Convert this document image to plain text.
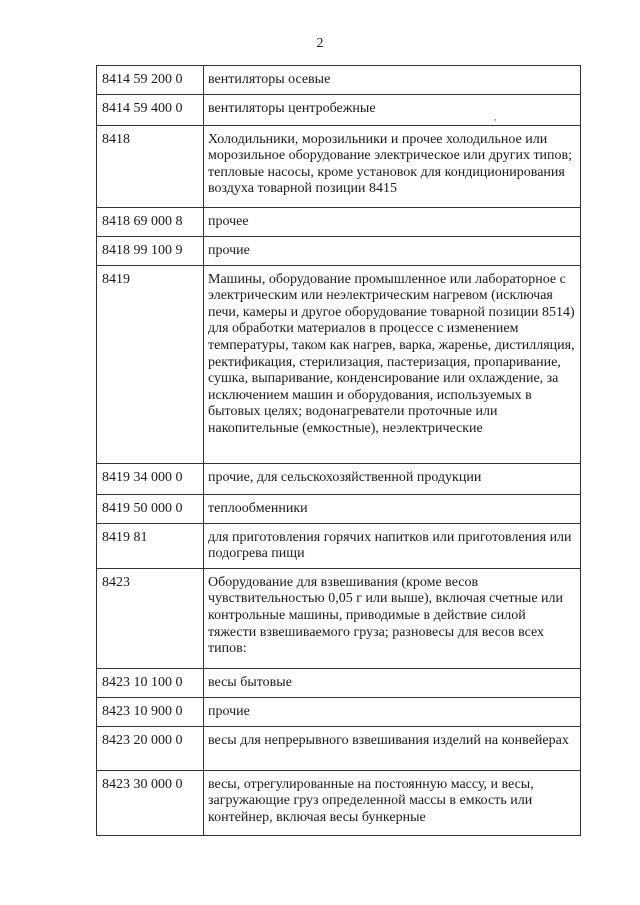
2
,
8414 59 200 0	вентиляторы осевые
8414 59 400 0	вентиляторы центробежные
8418	Холодильники, морозильники и прочее холодильное или морозильное оборудование электрическое или других типов; тепловые насосы, кроме установок для кондиционирования воздуха товарной позиции 8415
8418 69 000 8	прочее
8418 99 100 9	прочие
8419	Машины, оборудование промышленное или лабораторное с электрическим или неэлектрическим нагревом (исключая печи, камеры и другое оборудование товарной позиции 8514) для обработки материалов в процессе с изменением температуры, таком как нагрев, варка, жаренье, дистилляция, ректификация, стерилизация, пастеризация, пропаривание, сушка, выпаривание, конденсирование или охлаждение, за исключением машин и оборудования, используемых в бытовых целях; водонагреватели проточные или накопительные (емкостные), неэлектрические
8419 34 000 0	прочие, для сельскохозяйственной продукции
8419 50 000 0	теплообменники
8419 81	для приготовления горячих напитков или приготовления или подогрева пищи
8423	Оборудование для взвешивания (кроме весов чувствительностью 0,05 г или выше), включая счетные или контрольные машины, приводимые в действие силой тяжести взвешиваемого груза; разновесы для весов всех типов:
8423 10 100 0	весы бытовые
8423 10 900 0	прочие
8423 20 000 0	весы для непрерывного взвешивания изделий на конвейерах
8423 30 000 0	весы, отрегулированные на постоянную массу, и весы, загружающие груз определенной массы в емкость или контейнер, включая весы бункерные
